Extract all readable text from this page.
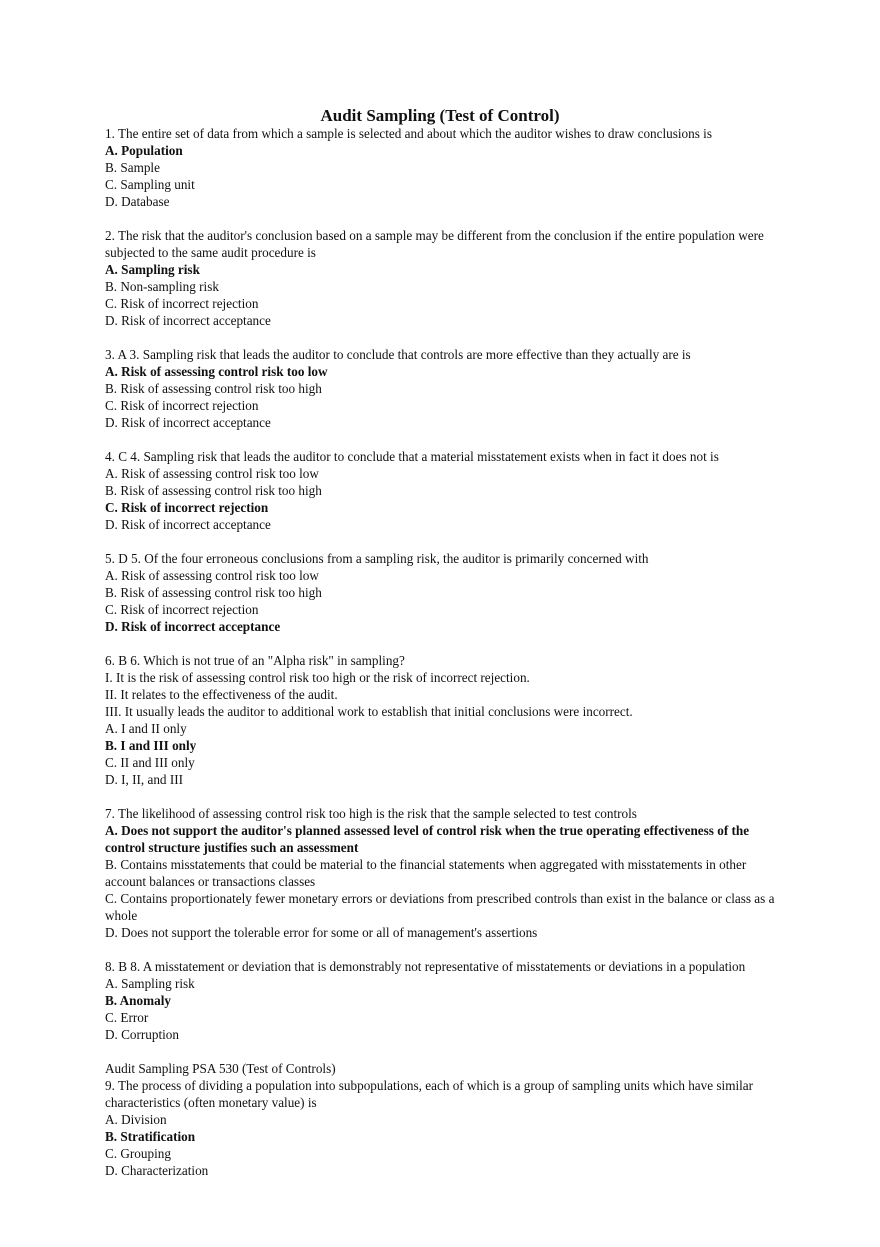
Audit Sampling (Test of Control)
1. The entire set of data from which a sample is selected and about which the auditor wishes to draw conclusions is
A. Population
B. Sample
C. Sampling unit
D. Database
2. The risk that the auditor's conclusion based on a sample may be different from the conclusion if the entire population were subjected to the same audit procedure is
A. Sampling risk
B. Non-sampling risk
C. Risk of incorrect rejection
D. Risk of incorrect acceptance
3. A 3. Sampling risk that leads the auditor to conclude that controls are more effective than they actually are is
A. Risk of assessing control risk too low
B. Risk of assessing control risk too high
C. Risk of incorrect rejection
D. Risk of incorrect acceptance
4. C 4. Sampling risk that leads the auditor to conclude that a material misstatement exists when in fact it does not is
A. Risk of assessing control risk too low
B. Risk of assessing control risk too high
C. Risk of incorrect rejection
D. Risk of incorrect acceptance
5. D 5. Of the four erroneous conclusions from a sampling risk, the auditor is primarily concerned with
A. Risk of assessing control risk too low
B. Risk of assessing control risk too high
C. Risk of incorrect rejection
D. Risk of incorrect acceptance
6. B 6. Which is not true of an "Alpha risk" in sampling?
I. It is the risk of assessing control risk too high or the risk of incorrect rejection.
II. It relates to the effectiveness of the audit.
III. It usually leads the auditor to additional work to establish that initial conclusions were incorrect.
A. I and II only
B. I and III only
C. II and III only
D. I, II, and III
7. The likelihood of assessing control risk too high is the risk that the sample selected to test controls
A. Does not support the auditor's planned assessed level of control risk when the true operating effectiveness of the control structure justifies such an assessment
B. Contains misstatements that could be material to the financial statements when aggregated with misstatements in other account balances or transactions classes
C. Contains proportionately fewer monetary errors or deviations from prescribed controls than exist in the balance or class as a whole
D. Does not support the tolerable error for some or all of management's assertions
8. B 8. A misstatement or deviation that is demonstrably not representative of misstatements or deviations in a population
A. Sampling risk
B. Anomaly
C. Error
D. Corruption
Audit Sampling PSA 530 (Test of Controls)
9. The process of dividing a population into subpopulations, each of which is a group of sampling units which have similar characteristics (often monetary value) is
A. Division
B. Stratification
C. Grouping
D. Characterization
